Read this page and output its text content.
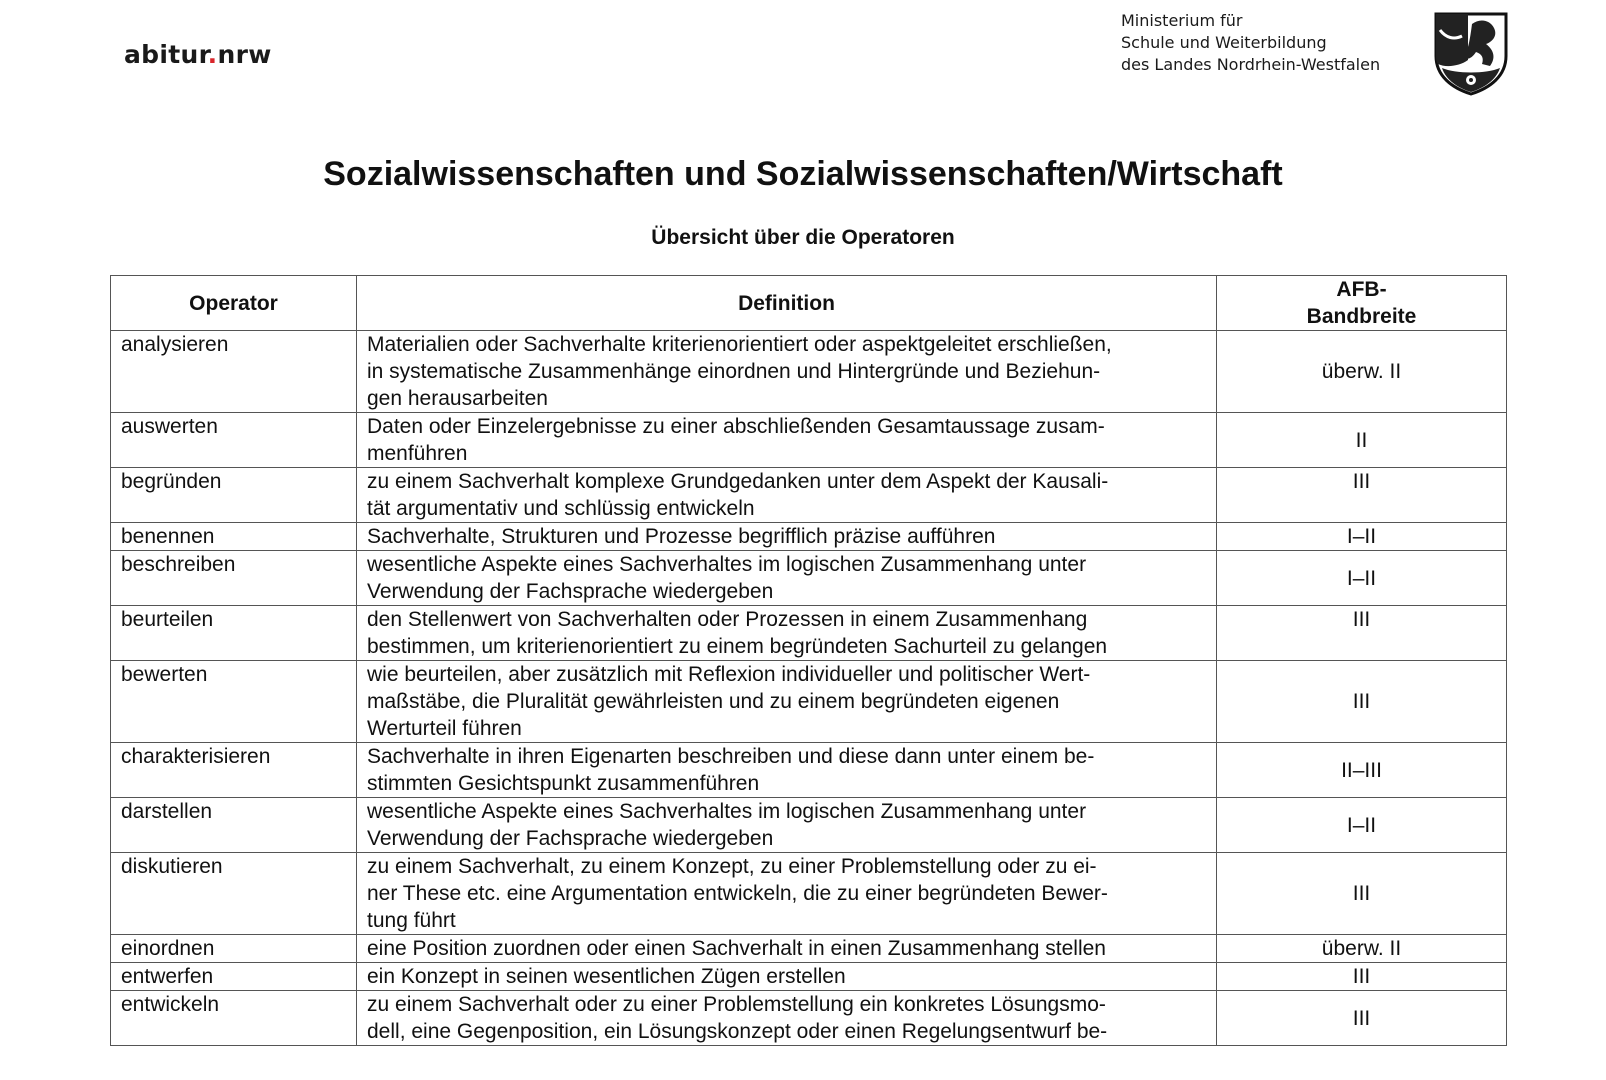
abitur.nrw
Ministerium für
Schule und Weiterbildung
des Landes Nordrhein-Westfalen
Sozialwissenschaften und Sozialwissenschaften/Wirtschaft
Übersicht über die Operatoren
Operator	Definition	AFB-
Bandbreite

analysieren	Materialien oder Sachverhalte kriterienorientiert oder aspektgeleitet erschließen,
in systematische Zusammenhänge einordnen und Hintergründe und Beziehun-
gen herausarbeiten	überw. II
auswerten	Daten oder Einzelergebnisse zu einer abschließenden Gesamtaussage zusam-
menführen	II
begründen	zu einem Sachverhalt komplexe Grundgedanken unter dem Aspekt der Kausali-
tät argumentativ und schlüssig entwickeln	III
benennen	Sachverhalte, Strukturen und Prozesse begrifflich präzise aufführen	I–II
beschreiben	wesentliche Aspekte eines Sachverhaltes im logischen Zusammenhang unter
Verwendung der Fachsprache wiedergeben	I–II
beurteilen	den Stellenwert von Sachverhalten oder Prozessen in einem Zusammenhang
bestimmen, um kriterienorientiert zu einem begründeten Sachurteil zu gelangen	III
bewerten	wie beurteilen, aber zusätzlich mit Reflexion individueller und politischer Wert-
maßstäbe, die Pluralität gewährleisten und zu einem begründeten eigenen
Werturteil führen	III
charakterisieren	Sachverhalte in ihren Eigenarten beschreiben und diese dann unter einem be-
stimmten Gesichtspunkt zusammenführen	II–III
darstellen	wesentliche Aspekte eines Sachverhaltes im logischen Zusammenhang unter
Verwendung der Fachsprache wiedergeben	I–II
diskutieren	zu einem Sachverhalt, zu einem Konzept, zu einer Problemstellung oder zu ei-
ner These etc. eine Argumentation entwickeln, die zu einer begründeten Bewer-
tung führt	III
einordnen	eine Position zuordnen oder einen Sachverhalt in einen Zusammenhang stellen	überw. II
entwerfen	ein Konzept in seinen wesentlichen Zügen erstellen	III
entwickeln	zu einem Sachverhalt oder zu einer Problemstellung ein konkretes Lösungsmo-
dell, eine Gegenposition, ein Lösungskonzept oder einen Regelungsentwurf be-	III
